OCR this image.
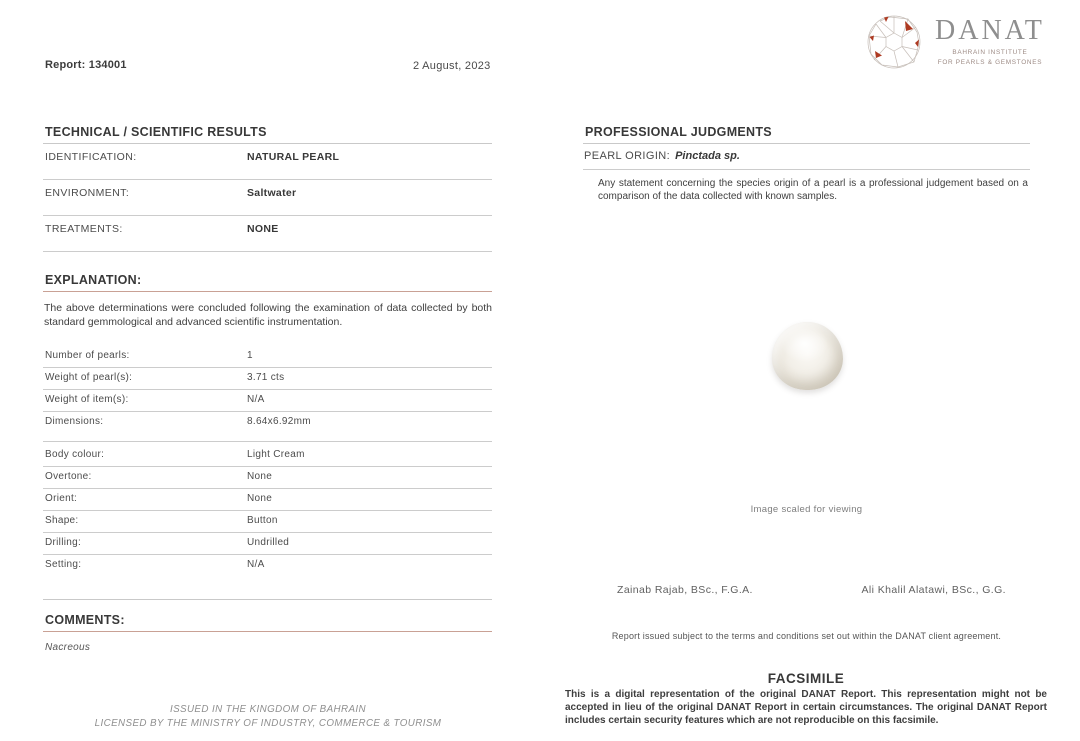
Report: 134001	2 August, 2023
DANAT
BAHRAIN INSTITUTE
FOR PEARLS & GEMSTONES
TECHNICAL / SCIENTIFIC RESULTS
IDENTIFICATION:	NATURAL PEARL
ENVIRONMENT:	Saltwater
TREATMENTS:	NONE
EXPLANATION:
The above determinations were concluded following the examination of data collected by both standard gemmological and advanced scientific instrumentation.
Number of pearls:	1
Weight of pearl(s):	3.71 cts
Weight of item(s):	N/A
Dimensions:	8.64x6.92mm
Body colour:	Light Cream
Overtone:	None
Orient:	None
Shape:	Button
Drilling:	Undrilled
Setting:	N/A
COMMENTS:
Nacreous
PROFESSIONAL JUDGMENTS
PEARL ORIGIN: Pinctada sp.
Any statement concerning the species origin of a pearl is a professional judgement based on a comparison of the data collected with known samples.
Image scaled for viewing
Zainab Rajab, BSc., F.G.A.	Ali Khalil Alatawi, BSc., G.G.
Report issued subject to the terms and conditions set out within the DANAT client agreement.
FACSIMILE
This is a digital representation of the original DANAT Report. This representation might not be accepted in lieu of the original DANAT Report in certain circumstances. The original DANAT Report includes certain security features which are not reproducible on this facsimile.
ISSUED IN THE KINGDOM OF BAHRAIN
LICENSED BY THE MINISTRY OF INDUSTRY, COMMERCE & TOURISM
